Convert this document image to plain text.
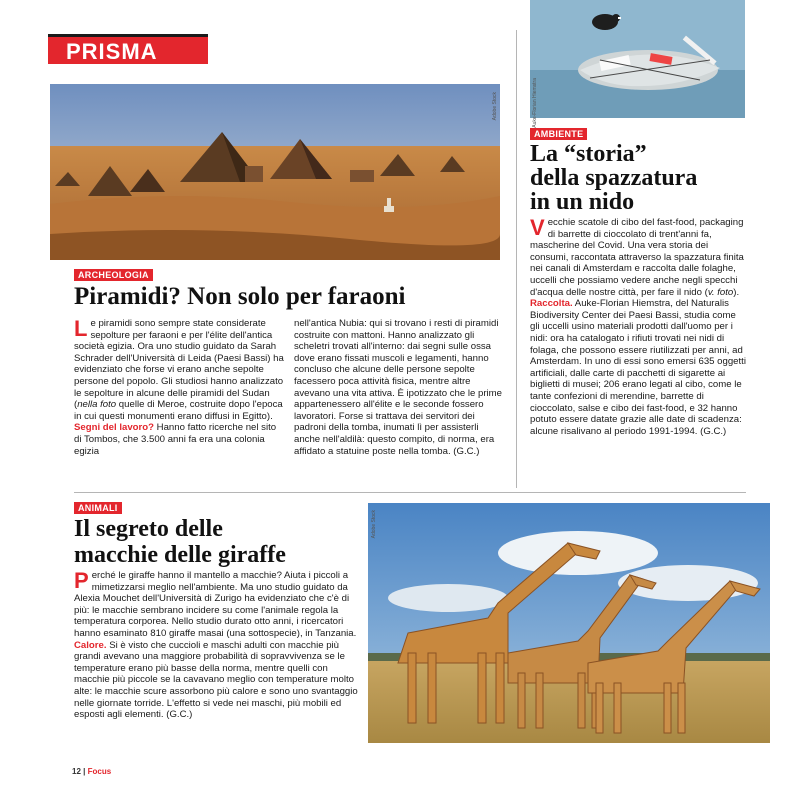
PRISMA
Adobe Stock
ARCHEOLOGIA
Piramidi? Non solo per faraoni

Le piramidi sono sempre state considerate sepolture per faraoni e per l'élite dell'antica società egizia. Ora uno studio guidato da Sarah Schrader dell'Università di Leida (Paesi Bassi) ha evidenziato che forse vi erano anche sepolte persone del popolo. Gli studiosi hanno analizzato le sepolture in alcune delle piramidi del Sudan (nella foto quelle di Meroe, costruite dopo l'epoca in cui questi monumenti erano diffusi in Egitto).
Segni del lavoro? Hanno fatto ricerche nel sito di Tombos, che 3.500 anni fa era una colonia egizia

nell'antica Nubia: qui si trovano i resti di piramidi costruite con mattoni. Hanno analizzato gli scheletri trovati all'interno: dai segni sulle ossa dove erano fissati muscoli e legamenti, hanno concluso che alcune delle persone sepolte facessero poca attività fisica, mentre altre avevano una vita attiva. È ipotizzato che le prime appartenessero all'élite e le seconde fossero lavoratori. Forse si trattava dei servitori dei padroni della tomba, inumati lì per assisterli anche nell'aldilà: questo compito, di norma, era affidato a statuine poste nella tomba. (G.C.)

Auke-Florian Hiemstra
AMBIENTE
La “storia”
della spazzatura
in un nido

Vecchie scatole di cibo del fast-food, packaging di barrette di cioccolato di trent'anni fa, mascherine del Covid. Una vera storia dei consumi, raccontata attraverso la spazzatura finita nei canali di Amsterdam e raccolta dalle folaghe, uccelli che possiamo vedere anche negli specchi d'acqua delle nostre città, per fare il nido (v. foto).
Raccolta. Auke-Florian Hiemstra, del Naturalis Biodiversity Center dei Paesi Bassi, studia come gli uccelli usino materiali prodotti dall'uomo per i nidi: ora ha catalogato i rifiuti trovati nei nidi di folaga, che possono essere riutilizzati per anni, ad Amsterdam. In uno di essi sono emersi 635 oggetti artificiali, dalle carte di pacchetti di sigarette ai biglietti di musei; 206 erano legati al cibo, come le tante confezioni di merendine, barrette di cioccolato, salse e cibo dei fast-food, e 32 hanno potuto essere datate grazie alle date di scadenza: alcune risalivano al periodo 1991-1994. (G.C.)

ANIMALI
Il segreto delle
macchie delle giraffe

Perché le giraffe hanno il mantello a macchie? Aiuta i piccoli a mimetizzarsi meglio nell'ambiente. Ma uno studio guidato da Alexia Mouchet dell'Università di Zurigo ha evidenziato che c'è di più: le macchie sembrano incidere su come l'animale regola la temperatura corporea. Nello studio durato otto anni, i ricercatori hanno esaminato 810 giraffe masai (una sottospecie), in Tanzania.
Calore. Si è visto che cuccioli e maschi adulti con macchie più grandi avevano una maggiore probabilità di sopravvivenza se le temperature erano più basse della norma, mentre quelli con macchie più piccole se la cavavano meglio con temperature molto alte: le macchie scure assorbono più calore e sono uno svantaggio nelle giornate torride. L'effetto si vede nei maschi, più mobili ed esposti agli elementi. (G.C.)

Adobe Stock
12 | Focus
